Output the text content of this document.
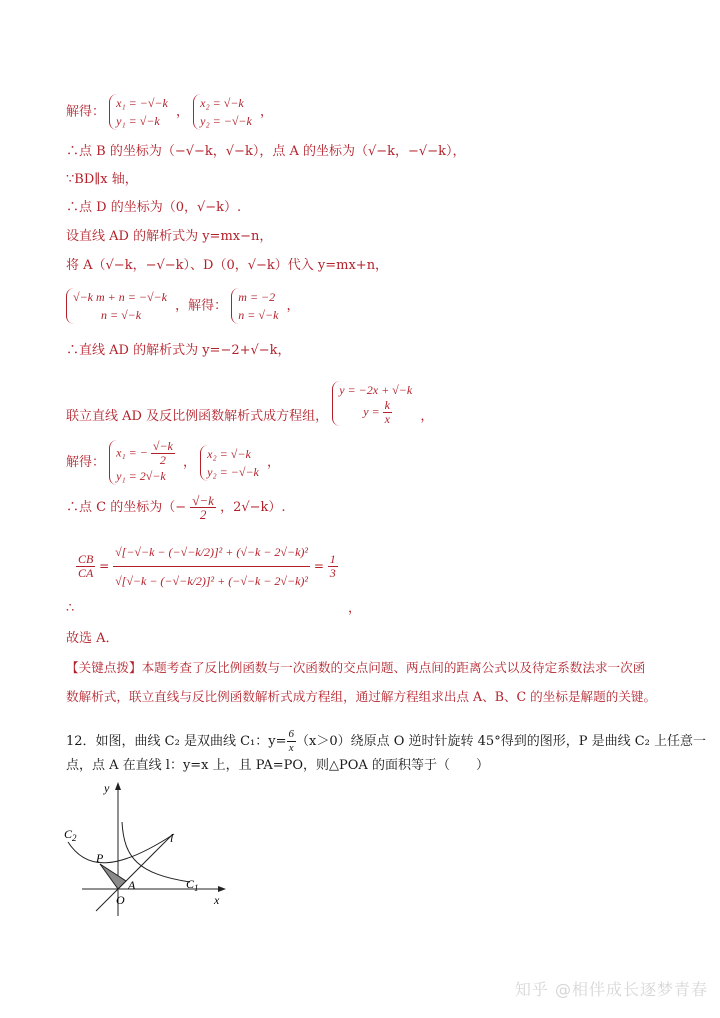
解得：
x₁ = −√−k
y₁ = √−k
，
x₂ = √−k
y₂ = −√−k
，
∴点 B 的坐标为（−√−k，√−k），点 A 的坐标为（√−k，−√−k），
∵BD∥x 轴，
∴点 D 的坐标为（0，√−k）.
设直线 AD 的解析式为 y=mx−n，
将 A（√−k，−√−k）、D（0，√−k）代入 y=mx+n，
√−k m + n = −√−k
n = √−k
，解得：
m = −2
n = √−k
，
∴直线 AD 的解析式为 y=−2+√−k，
联立直线 AD 及反比例函数解析式成方程组，
y = −2x + √−k
$y = \frac{k}{x}$ ，
解得：
x₁ = − $\frac{√-k}{2}$
y₁ = 2√−k
，
x₂ = √−k
y₂ = −√−k
，
∴点 C 的坐标为（− $\frac{√-k}{2}$ ，2√−k）.
$\frac{CB}{CA} = \frac{\text{√[−√−k − (−√−k/2)]² + (√−k − 2√−k)²}}{\text{√[√−k − (−√−k/2)]² + (−√−k − 2√−k)²}} = \frac{1}{3}$
∴	，
故选 A．
【关键点拨】本题考查了反比例函数与一次函数的交点问题、两点间的距离公式以及待定系数法求一次函
数解析式，联立直线与反比例函数解析式成方程组，通过解方程组求出点 A、B、C 的坐标是解题的关键。
12．如图，曲线 C₂ 是双曲线 C₁：$y= \frac{6}{x} (x>0)$绕原点 O 逆时针旋转 45°得到的图形，P 是曲线 C₂ 上任意一
点，点 A 在直线 l：y=x 上，且 PA=PO，则△POA 的面积等于（　　）
y
x
O
A
P
l
$C_1$
$C_2$
知乎 @相伴成长逐梦青春
